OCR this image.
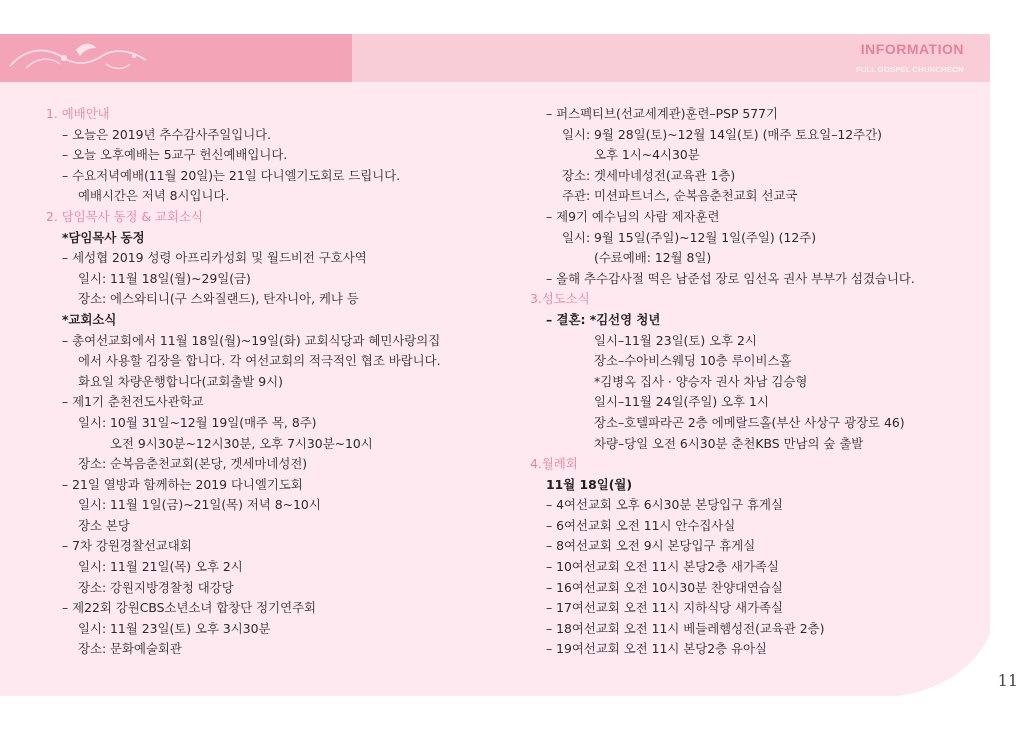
INFORMATION
FULL GOSPEL CHUNCHEON
11
1. 예배안내
– 오늘은 2019년 추수감사주일입니다.
– 오늘 오후예배는 5교구 헌신예배입니다.
– 수요저녁예배(11월 20일)는 21일 다니엘기도회로 드립니다.
예배시간은 저녁 8시입니다.
2. 담임목사 동정 & 교회소식
*담임목사 동정
– 세성협 2019 성령 아프리카성회 및 월드비전 구호사역
일시: 11월 18일(월)~29일(금)
장소: 에스와티니(구 스와질랜드), 탄자니아, 케냐 등
*교회소식
– 총여선교회에서 11월 18일(월)~19일(화) 교회식당과 혜민사랑의집
에서 사용할 김장을 합니다. 각 여선교회의 적극적인 협조 바랍니다.
화요일 차량운행합니다(교회출발 9시)
– 제1기 춘천전도사관학교
일시: 10월 31일~12월 19일(매주 목, 8주)
오전 9시30분~12시30분, 오후 7시30분~10시
장소: 순복음춘천교회(본당, 겟세마네성전)
– 21일 열방과 함께하는 2019 다니엘기도회
일시: 11월 1일(금)~21일(목) 저녁 8~10시
장소 본당
– 7차 강원경찰선교대회
일시: 11월 21일(목) 오후 2시
장소: 강원지방경찰청 대강당
– 제22회 강원CBS소년소녀 합창단 정기연주회
일시: 11월 23일(토) 오후 3시30분
장소: 문화예술회관
– 퍼스펙티브(선교세계관)훈련–PSP 577기
일시: 9월 28일(토)~12월 14일(토) (매주 토요일–12주간)
오후 1시~4시30분
장소: 겟세마네성전(교육관 1층)
주관: 미션파트너스, 순복음춘천교회 선교국
– 제9기 예수님의 사람 제자훈련
일시: 9월 15일(주일)~12월 1일(주일) (12주)
(수료예배: 12월 8일)
– 올해 추수감사절 떡은 남준섭 장로 임선옥 권사 부부가 섬겼습니다.
3.성도소식
– 결혼: *김선영 청년
일시–11월 23일(토) 오후 2시
장소–수아비스웨딩 10층 루이비스홀
*김병옥 집사 · 양승자 권사 차남 김승형
일시–11월 24일(주일) 오후 1시
장소–호텔파라곤 2층 에메랄드홀(부산 사상구 광장로 46)
차량–당일 오전 6시30분 춘천KBS 만남의 숲 출발
4.월례회
11월 18일(월)
– 4여선교회 오후 6시30분 본당입구 휴게실
– 6여선교회 오전 11시 안수집사실
– 8여선교회 오전 9시 본당입구 휴게실
– 10여선교회 오전 11시 본당2층 새가족실
– 16여선교회 오전 10시30분 찬양대연습실
– 17여선교회 오전 11시 지하식당 새가족실
– 18여선교회 오전 11시 베들레헴성전(교육관 2층)
– 19여선교회 오전 11시 본당2층 유아실
